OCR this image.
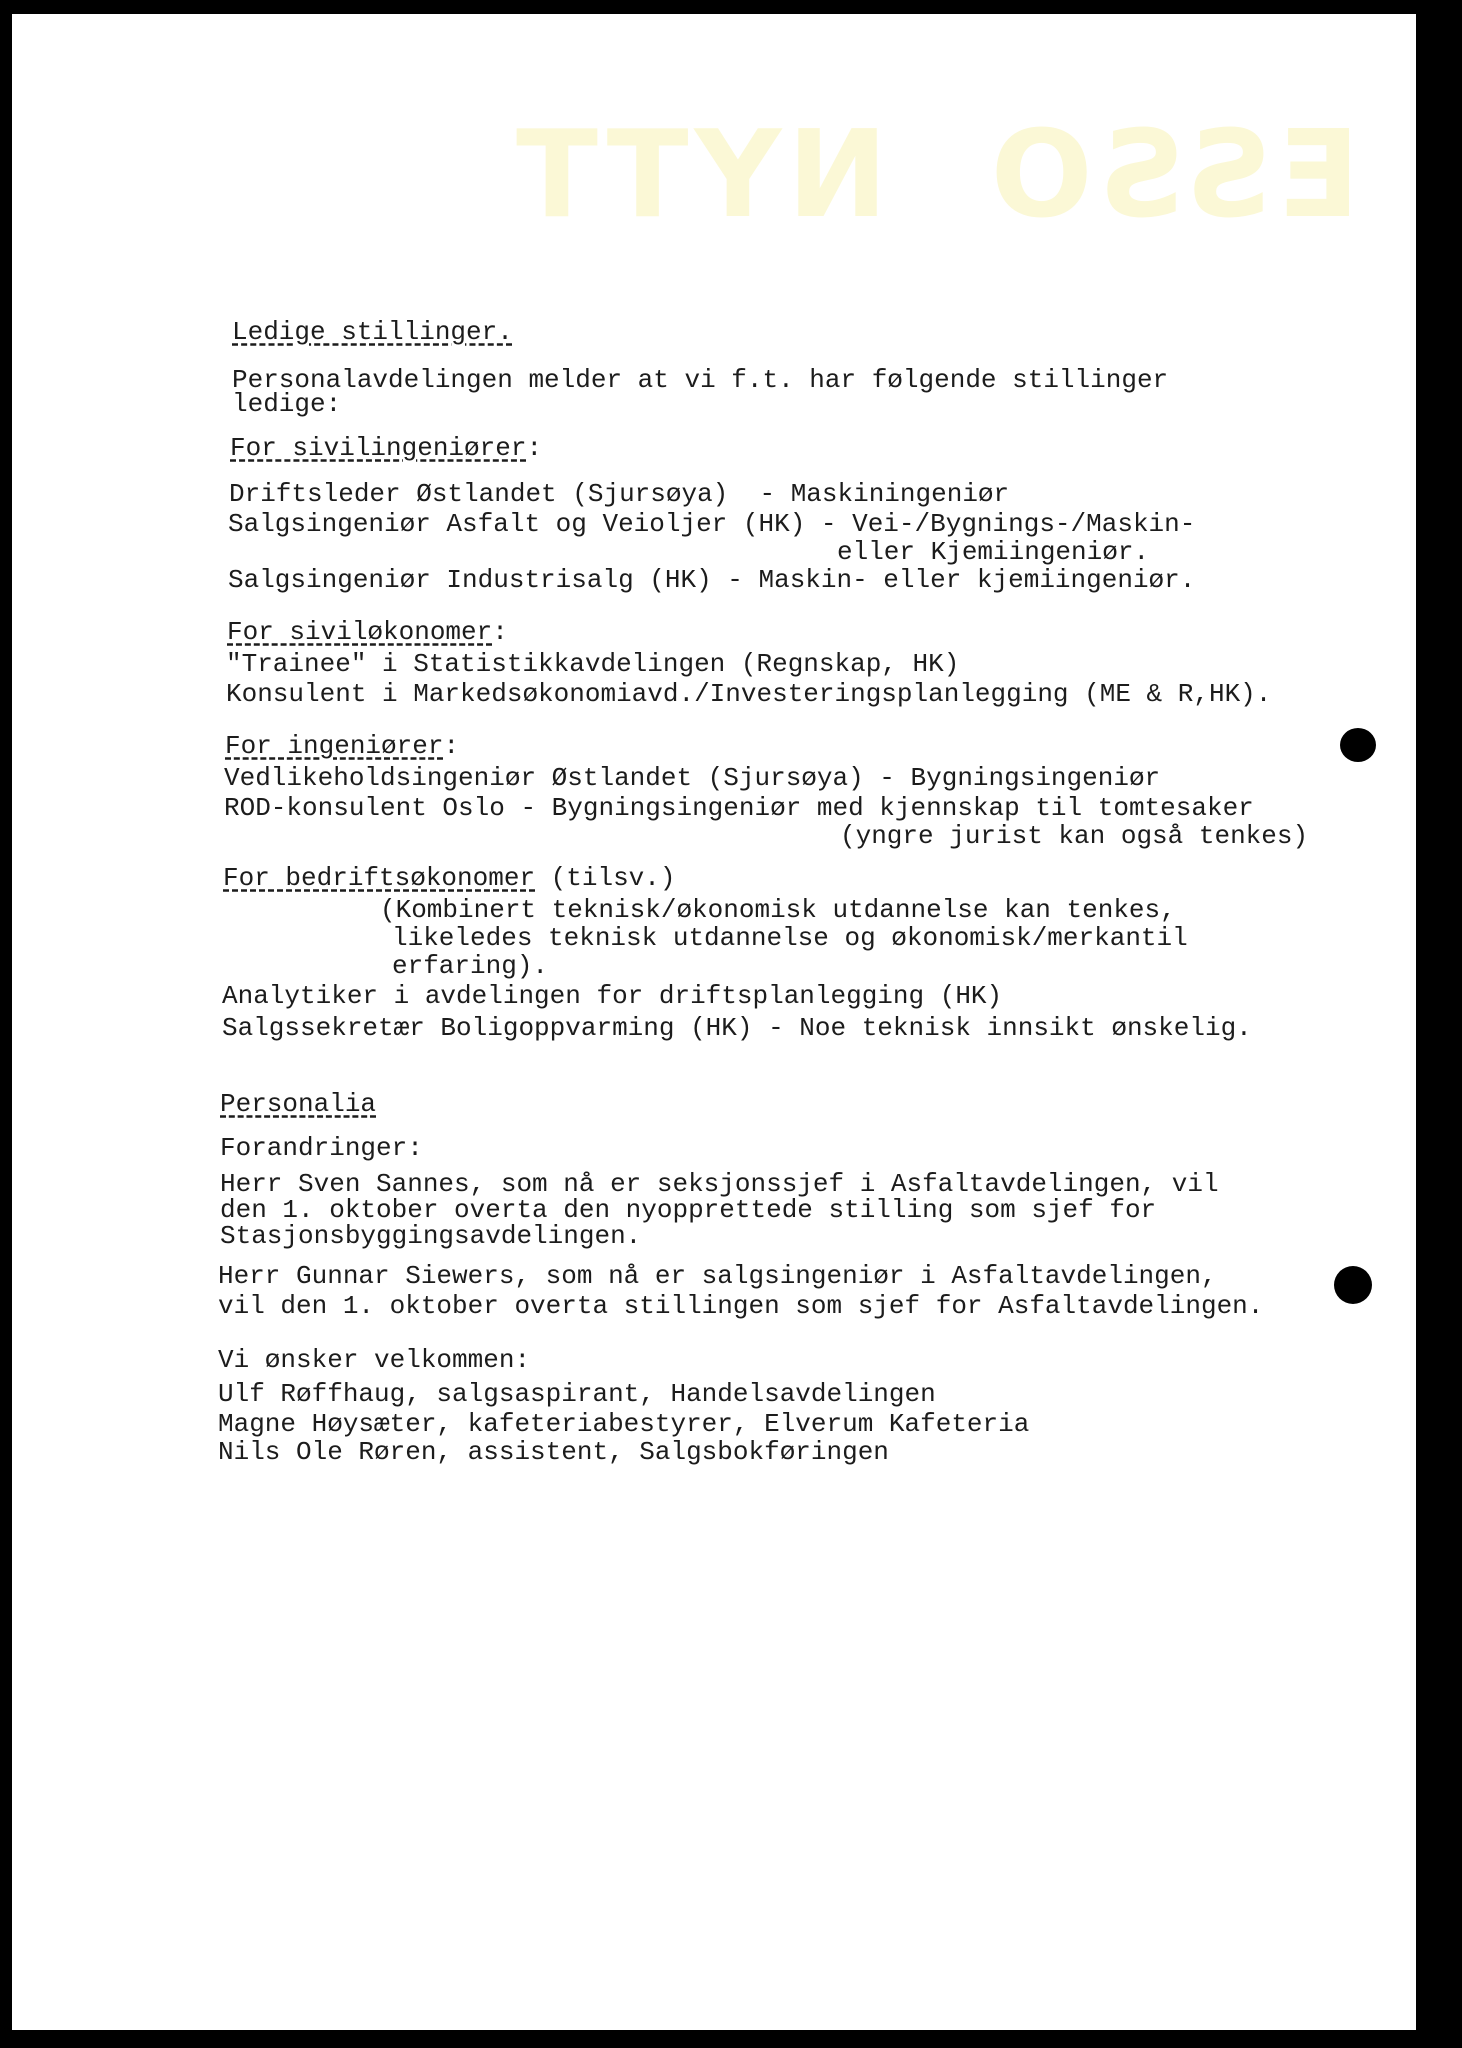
ESSO
NYTT
Ledige stillinger.
Personalavdelingen melder at vi f.t. har følgende stillinger
ledige:
For sivilingeniører:
Driftsleder Østlandet (Sjursøya)  - Maskiningeniør
Salgsingeniør Asfalt og Veioljer (HK) - Vei-/Bygnings-/Maskin-
eller Kjemiingeniør.
Salgsingeniør Industrisalg (HK) - Maskin- eller kjemiingeniør.
For siviløkonomer:
"Trainee" i Statistikkavdelingen (Regnskap, HK)
Konsulent i Markedsøkonomiavd./Investeringsplanlegging (ME & R,HK).
For ingeniører:
Vedlikeholdsingeniør Østlandet (Sjursøya) - Bygningsingeniør
ROD-konsulent Oslo - Bygningsingeniør med kjennskap til tomtesaker
(yngre jurist kan også tenkes)
For bedriftsøkonomer (tilsv.)
(Kombinert teknisk/økonomisk utdannelse kan tenkes,
likeledes teknisk utdannelse og økonomisk/merkantil
erfaring).
Analytiker i avdelingen for driftsplanlegging (HK)
Salgssekretær Boligoppvarming (HK) - Noe teknisk innsikt ønskelig.
Personalia
Forandringer:
Herr Sven Sannes, som nå er seksjonssjef i Asfaltavdelingen, vil
den 1. oktober overta den nyopprettede stilling som sjef for
Stasjonsbyggingsavdelingen.
Herr Gunnar Siewers, som nå er salgsingeniør i Asfaltavdelingen,
vil den 1. oktober overta stillingen som sjef for Asfaltavdelingen.
Vi ønsker velkommen:
Ulf Røffhaug, salgsaspirant, Handelsavdelingen
Magne Høysæter, kafeteriabestyrer, Elverum Kafeteria
Nils Ole Røren, assistent, Salgsbokføringen
